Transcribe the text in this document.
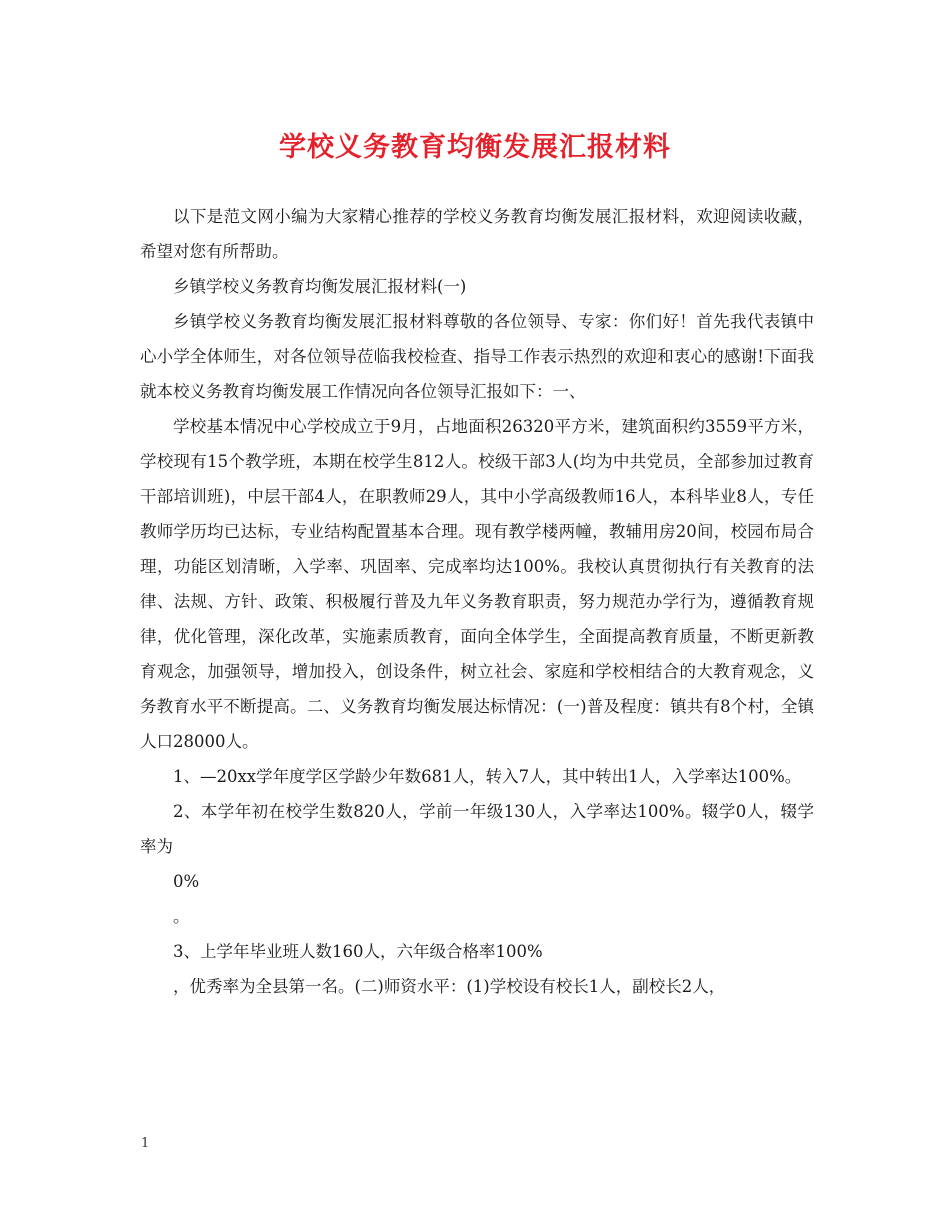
学校义务教育均衡发展汇报材料

以下是范文网小编为大家精心推荐的学校义务教育均衡发展汇报材料，欢迎阅读收藏，希望对您有所帮助。

乡镇学校义务教育均衡发展汇报材料(一)

乡镇学校义务教育均衡发展汇报材料尊敬的各位领导、专家：你们好！首先我代表镇中心小学全体师生，对各位领导莅临我校检查、指导工作表示热烈的欢迎和衷心的感谢!下面我就本校义务教育均衡发展工作情况向各位领导汇报如下：一、

学校基本情况中心学校成立于9月，占地面积26320平方米，建筑面积约3559平方米，学校现有15个教学班，本期在校学生812人。校级干部3人(均为中共党员，全部参加过教育干部培训班)，中层干部4人，在职教师29人，其中小学高级教师16人，本科毕业8人，专任教师学历均已达标，专业结构配置基本合理。现有教学楼两幢，教辅用房20间，校园布局合理，功能区划清晰，入学率、巩固率、完成率均达100%。我校认真贯彻执行有关教育的法律、法规、方针、政策、积极履行普及九年义务教育职责，努力规范办学行为，遵循教育规律，优化管理，深化改革，实施素质教育，面向全体学生，全面提高教育质量，不断更新教育观念，加强领导，增加投入，创设条件，树立社会、家庭和学校相结合的大教育观念，义务教育水平不断提高。二、义务教育均衡发展达标情况：(一)普及程度：镇共有8个村，全镇人口28000人。

1、—20xx学年度学区学龄少年数681人，转入7人，其中转出1人，入学率达100%。

2、本学年初在校学生数820人，学前一年级130人，入学率达100%。辍学0人，辍学率为

0%

。

3、上学年毕业班人数160人，六年级合格率100%

，优秀率为全县第一名。(二)师资水平：(1)学校设有校长1人，副校长2人，

1
